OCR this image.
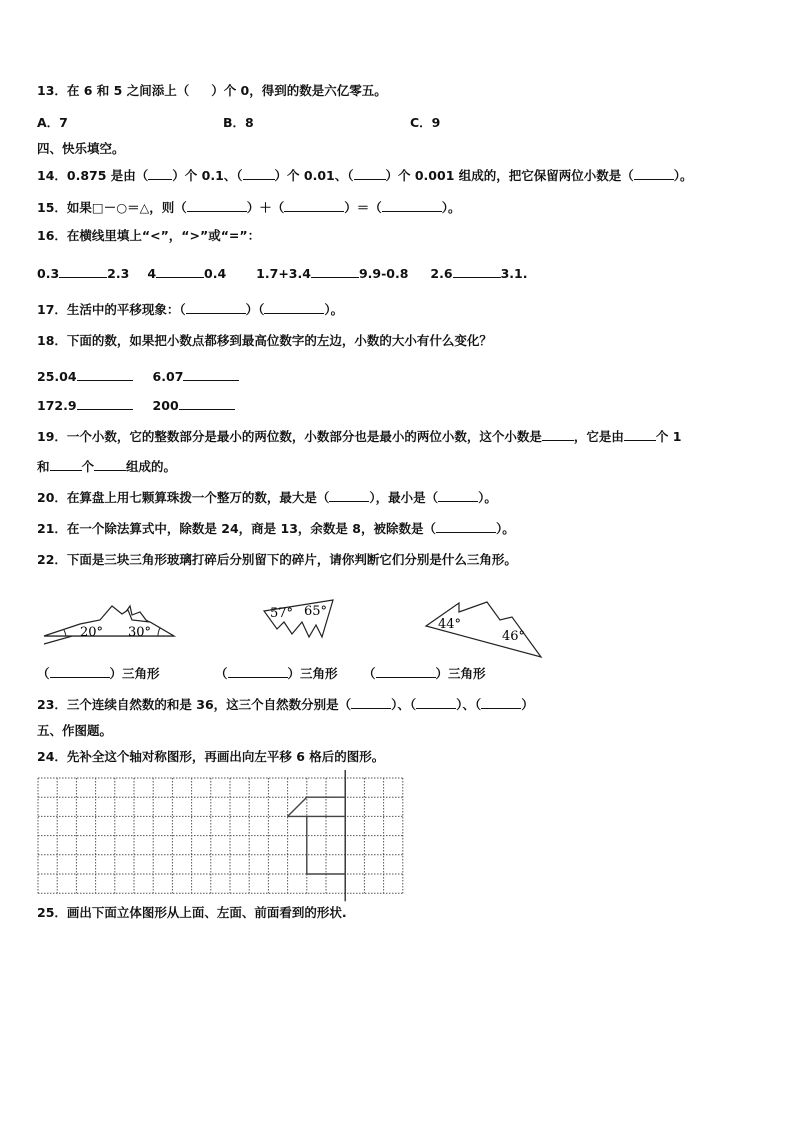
13．在 6 和 5 之间添上（ ）个 0，得到的数是六亿零五。
A．7	B．8	C．9
四、快乐填空。
14．0.875 是由（ ）个 0.1、（	）个 0.01、（	）个 0.001 组成的，把它保留两位小数是（	）。
15．如果□－○＝△，则（	）＋（	）＝（	）。
16．在横线里填上“<”，“>”或“=”：
0.3	2.3 4	0.4 1.7+3.4	9.9-0.8 2.6	3.1.
17．生活中的平移现象：（	）（	）。
18．下面的数，如果把小数点都移到最高位数字的左边，小数的大小有什么变化？
25.04	6.07
172.9	200
19．一个小数，它的整数部分是最小的两位数，小数部分也是最小的两位小数，这个小数是	，它是由	个 1
和	个	组成的。
20．在算盘上用七颗算珠拨一个整万的数，最大是（	），最小是（	）。
21．在一个除法算式中，除数是 24，商是 13，余数是 8，被除数是（	）。
22．下面是三块三角形玻璃打碎后分别留下的碎片，请你判断它们分别是什么三角形。
20° 30°
57° 65°
44°
46°
（	）三角形	（	）三角形 （	）三角形
23．三个连续自然数的和是 36，这三个自然数分别是（	）、（	）、（	）
五、作图题。
24．先补全这个轴对称图形，再画出向左平移 6 格后的图形。
25．画出下面立体图形从上面、左面、前面看到的形状.
